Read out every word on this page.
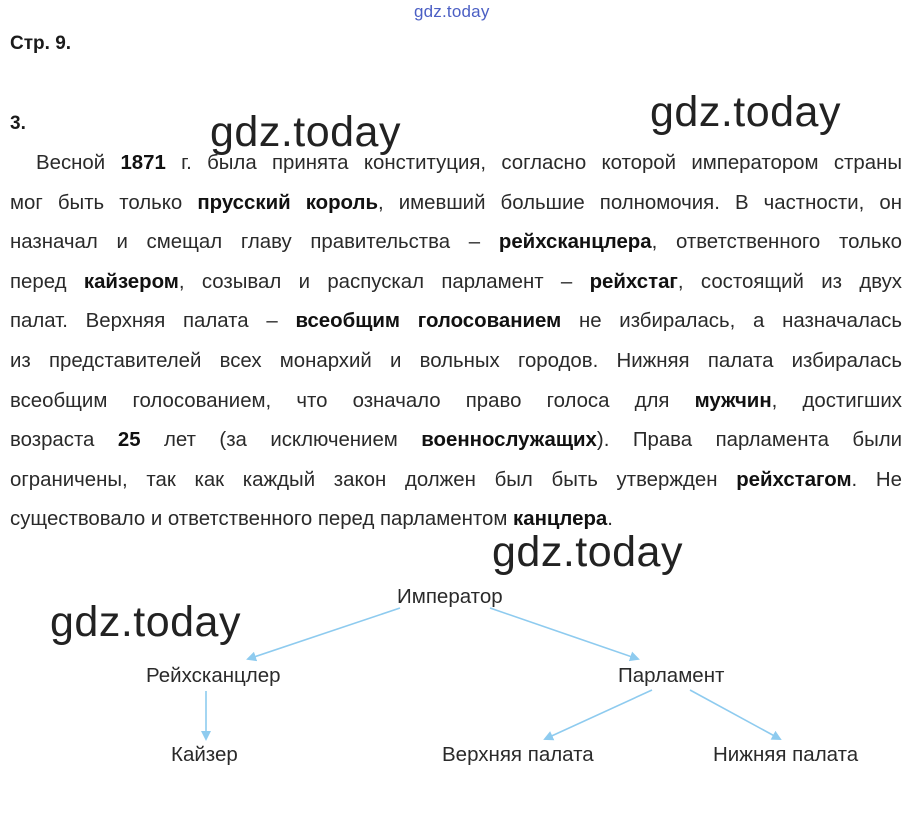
gdz.today
Стр. 9.
3.
Весной 1871 г. была принята конституция, согласно которой императором страны
мог быть только прусский король, имевший большие полномочия. В частности, он
назначал и смещал главу правительства – рейхсканцлера, ответственного только
перед кайзером, созывал и распускал парламент – рейхстаг, состоящий из двух
палат. Верхняя палата – всеобщим голосованием не избиралась, а назначалась
из представителей всех монархий и вольных городов. Нижняя палата избиралась
всеобщим голосованием, что означало право голоса для мужчин, достигших
возраста 25 лет (за исключением военнослужащих). Права парламента были
ограничены, так как каждый закон должен был быть утвержден рейхстагом. Не
существовало и ответственного перед парламентом канцлера.
gdz.today	gdz.today
gdz.today
gdz.today
Император
Рейхсканцлер	Парламент
Кайзер	Верхняя палата	Нижняя палата
